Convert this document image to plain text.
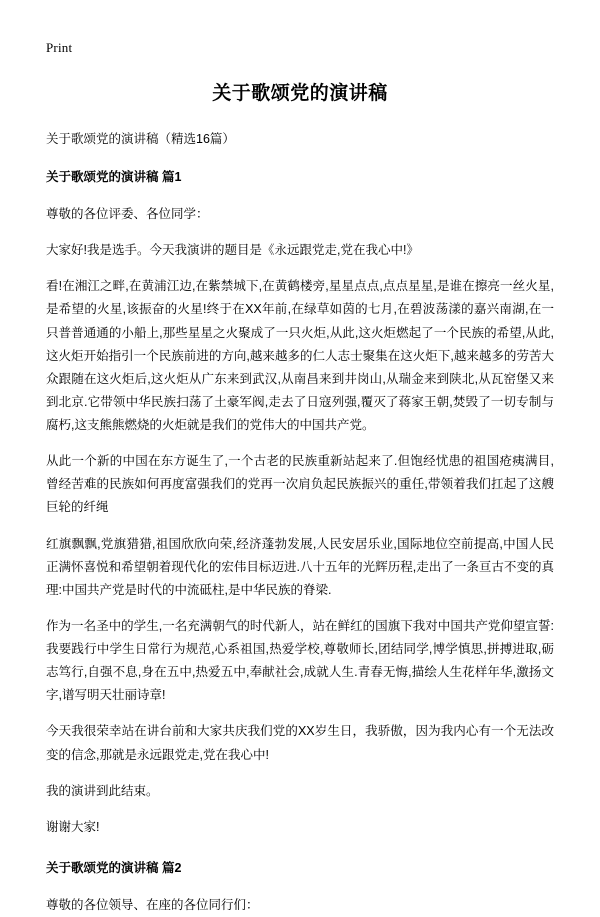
Print
关于歌颂党的演讲稿
关于歌颂党的演讲稿（精选16篇）
关于歌颂党的演讲稿 篇1

尊敬的各位评委、各位同学：

大家好!我是选手。今天我演讲的题目是《永远跟党走,党在我心中!》

看!在湘江之畔,在黄浦江边,在紫禁城下,在黄鹤楼旁,星星点点,点点星星,是谁在擦亮一丝火星,是希望的火星,该振奋的火星!终于在XX年前,在绿草如茵的七月,在碧波荡漾的嘉兴南湖,在一只普普通通的小船上,那些星星之火聚成了一只火炬,从此,这火炬燃起了一个民族的希望,从此,这火炬开始指引一个民族前进的方向,越来越多的仁人志士聚集在这火炬下,越来越多的劳苦大众跟随在这火炬后,这火炬从广东来到武汉,从南昌来到井岗山,从瑞金来到陕北,从瓦窑堡又来到北京.它带领中华民族扫荡了土豪军阀,走去了日寇列强,覆灭了蒋家王朝,焚毁了一切专制与腐朽,这支熊熊燃烧的火炬就是我们的党伟大的中国共产党。

从此一个新的中国在东方诞生了,一个古老的民族重新站起来了.但饱经忧患的祖国疮痍满目,曾经苦难的民族如何再度富强我们的党再一次肩负起民族振兴的重任,带领着我们扛起了这艘巨轮的纤绳

红旗飘飘,党旗猎猎,祖国欣欣向荣,经济蓬勃发展,人民安居乐业,国际地位空前提高,中国人民正满怀喜悦和希望朝着现代化的宏伟目标迈进.八十五年的光辉历程,走出了一条亘古不变的真理:中国共产党是时代的中流砥柱,是中华民族的脊梁.

作为一名圣中的学生,一名充满朝气的时代新人，站在鲜红的国旗下我对中国共产党仰望宣誓:我要践行中学生日常行为规范,心系祖国,热爱学校,尊敬师长,团结同学,博学慎思,拼搏进取,砺志笃行,自强不息,身在五中,热爱五中,奉献社会,成就人生.青春无悔,描绘人生花样年华,激扬文字,谱写明天壮丽诗章!

今天我很荣幸站在讲台前和大家共庆我们党的XX岁生日，我骄傲，因为我内心有一个无法改变的信念,那就是永远跟党走,党在我心中!

我的演讲到此结束。

谢谢大家!

关于歌颂党的演讲稿 篇2

尊敬的各位领导、在座的各位同行们：
